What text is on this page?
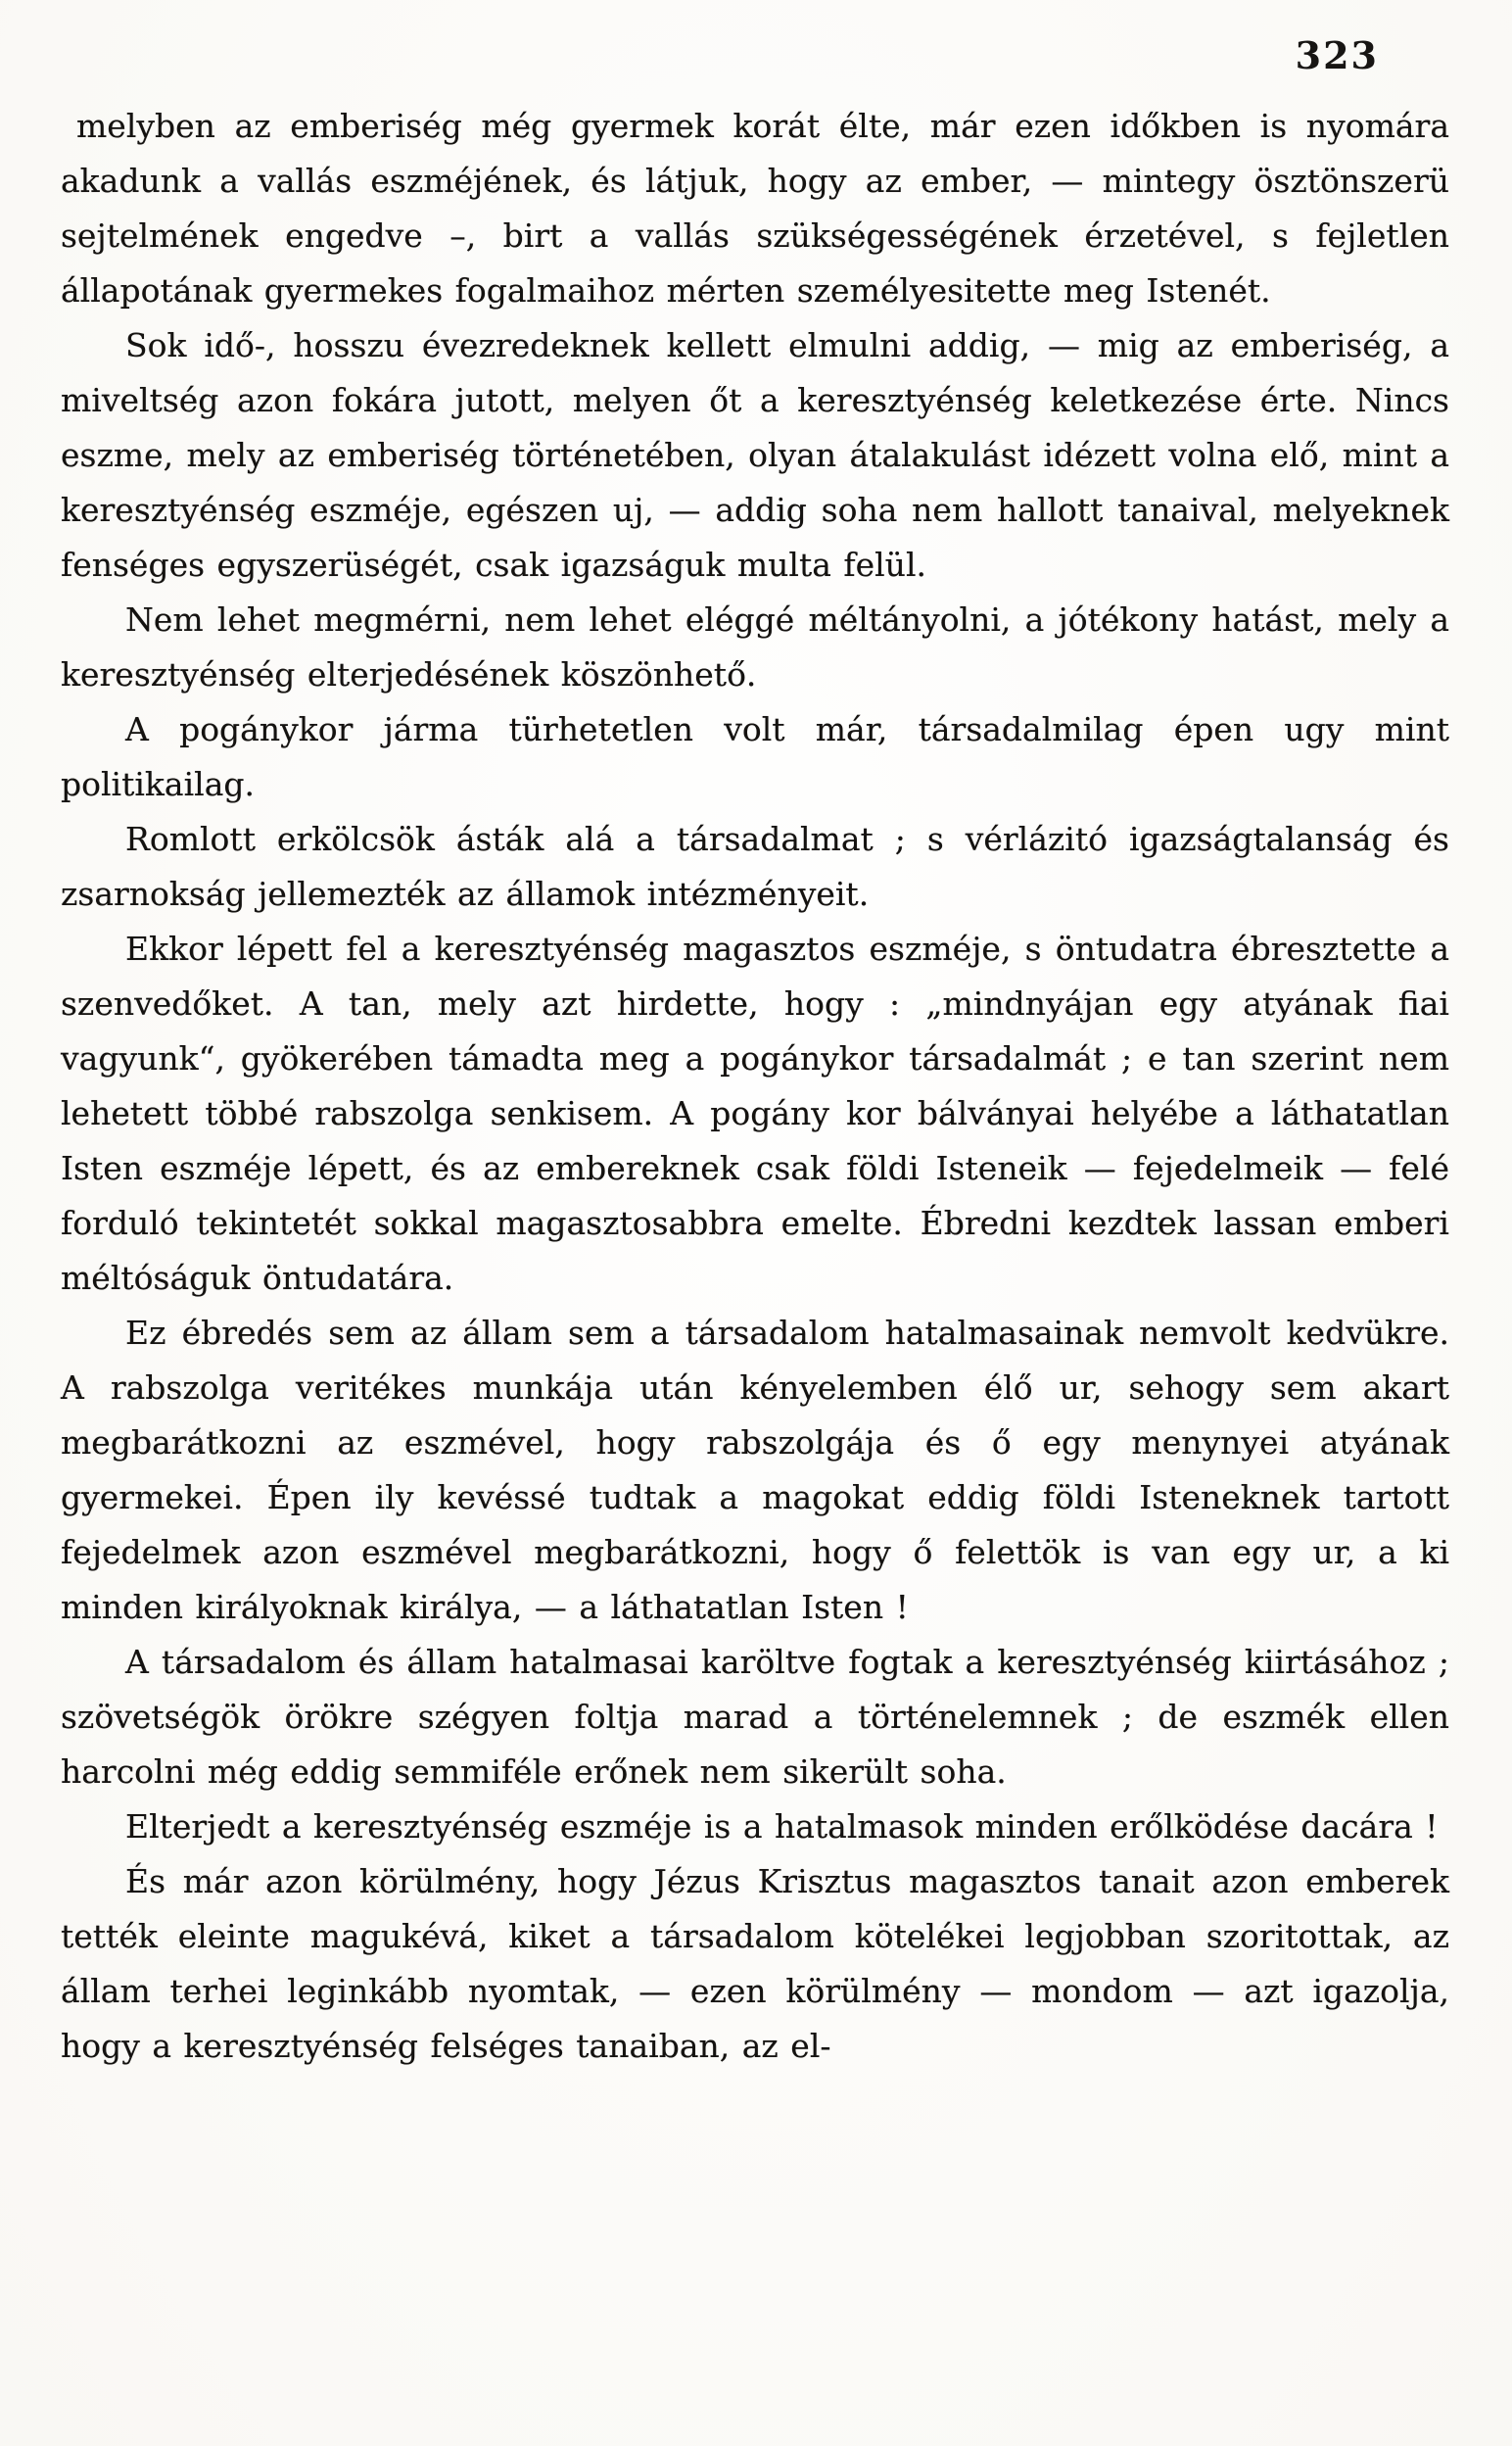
323

melyben az emberiség még gyermek korát élte, már ezen időkben is nyomára akadunk a vallás eszméjének, és látjuk, hogy az ember, — mintegy ösztönszerü sejtelmének engedve –, birt a vallás szükségességének érzetével, s fejletlen állapotának gyermekes fogalmaihoz mérten személyesitette meg Istenét.

Sok idő-, hosszu évezredeknek kellett elmulni addig, — mig az emberiség, a miveltség azon fokára jutott, melyen őt a keresztyénség keletkezése érte. Nincs eszme, mely az emberiség történetében, olyan átalakulást idézett volna elő, mint a keresztyénség eszméje, egészen uj, — addig soha nem hallott tanaival, melyeknek fenséges egyszerüségét, csak igazságuk multa felül.

Nem lehet megmérni, nem lehet eléggé méltányolni, a jótékony hatást, mely a keresztyénség elterjedésének köszönhető.

A pogánykor járma türhetetlen volt már, társadalmilag épen ugy mint politikailag.

Romlott erkölcsök ásták alá a társadalmat ; s vérlázitó igazságtalanság és zsarnokság jellemezték az államok intézményeit.

Ekkor lépett fel a keresztyénség magasztos eszméje, s öntudatra ébresztette a szenvedőket. A tan, mely azt hirdette, hogy : „mindnyájan egy atyának fiai vagyunk“, gyökerében támadta meg a pogánykor társadalmát ; e tan szerint nem lehetett többé rabszolga senkisem. A pogány kor bálványai helyébe a láthatatlan Isten eszméje lépett, és az embereknek csak földi Isteneik — fejedelmeik — felé forduló tekintetét sokkal magasztosabbra emelte. Ébredni kezdtek lassan emberi méltóságuk öntudatára.

Ez ébredés sem az állam sem a társadalom hatalmasainak nemvolt kedvükre. A rabszolga veritékes munkája után kényelemben élő ur, sehogy sem akart megbarátkozni az eszmével, hogy rabszolgája és ő egy menynyei atyának gyermekei. Épen ily kevéssé tudtak a magokat eddig földi Isteneknek tartott fejedelmek azon eszmével megbarátkozni, hogy ő felettök is van egy ur, a ki minden királyoknak királya, — a láthatatlan Isten !

A társadalom és állam hatalmasai karöltve fogtak a keresztyénség kiirtásához ; szövetségök örökre szégyen foltja marad a történelemnek ; de eszmék ellen harcolni még eddig semmiféle erőnek nem sikerült soha.

Elterjedt a keresztyénség eszméje is a hatalmasok minden erőlködése dacára !

És már azon körülmény, hogy Jézus Krisztus magasztos tanait azon emberek tették eleinte magukévá, kiket a társadalom kötelékei legjobban szoritottak, az állam terhei leginkább nyomtak, — ezen körülmény — mondom — azt igazolja, hogy a keresztyénség felséges tanaiban, az el-
